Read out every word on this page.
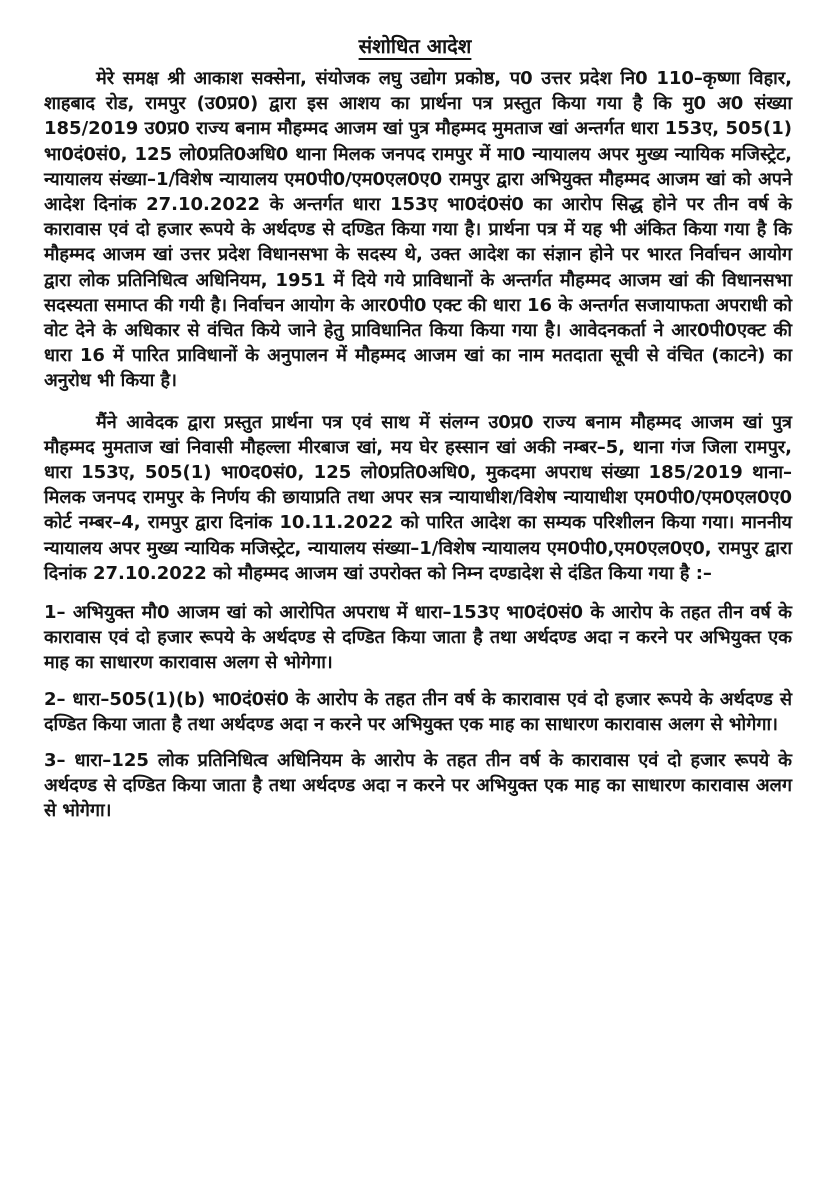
संशोधित आदेश

मेरे समक्ष श्री आकाश सक्सेना, संयोजक लघु उद्योग प्रकोष्ठ, प0 उत्तर प्रदेश नि0 110–कृष्णा विहार, शाहबाद रोड, रामपुर (उ0प्र0) द्वारा इस आशय का प्रार्थना पत्र प्रस्तुत किया गया है कि मु0 अ0 संख्या 185/2019 उ0प्र0 राज्य बनाम मौहम्मद आजम खां पुत्र मौहम्मद मुमताज खां अन्तर्गत धारा 153ए, 505(1) भा0दं0सं0, 125 लो0प्रति0अधि0 थाना मिलक जनपद रामपुर में मा0 न्यायालय अपर मुख्य न्यायिक मजिस्ट्रेट, न्यायालय संख्या–1/विशेष न्यायालय एम0पी0/एम0एल0ए0 रामपुर द्वारा अभियुक्त मौहम्मद आजम खां को अपने आदेश दिनांक 27.10.2022 के अन्तर्गत धारा 153ए भा0दं0सं0 का आरोप सिद्ध होने पर तीन वर्ष के कारावास एवं दो हजार रूपये के अर्थदण्ड से दण्डित किया गया है। प्रार्थना पत्र में यह भी अंकित किया गया है कि मौहम्मद आजम खां उत्तर प्रदेश विधानसभा के सदस्य थे, उक्त आदेश का संज्ञान होने पर भारत निर्वाचन आयोग द्वारा लोक प्रतिनिधित्व अधिनियम, 1951 में दिये गये प्राविधानों के अन्तर्गत मौहम्मद आजम खां की विधानसभा सदस्यता समाप्त की गयी है। निर्वाचन आयोग के आर0पी0 एक्ट की धारा 16 के अन्तर्गत सजायाफता अपराधी को वोट देने के अधिकार से वंचित किये जाने हेतु प्राविधानित किया किया गया है। आवेदनकर्ता ने आर0पी0एक्ट की धारा 16 में पारित प्राविधानों के अनुपालन में मौहम्मद आजम खां का नाम मतदाता सूची से वंचित (काटने) का अनुरोध भी किया है।

मैंने आवेदक द्वारा प्रस्तुत प्रार्थना पत्र एवं साथ में संलग्न उ0प्र0 राज्य बनाम मौहम्मद आजम खां पुत्र मौहम्मद मुमताज खां निवासी मौहल्ला मीरबाज खां, मय घेर हस्सान खां अकी नम्बर–5, थाना गंज जिला रामपुर, धारा 153ए, 505(1) भा0द0सं0, 125 लो0प्रति0अधि0, मुकदमा अपराध संख्या 185/2019 थाना–मिलक जनपद रामपुर के निर्णय की छायाप्रति तथा अपर सत्र न्यायाधीश/विशेष न्यायाधीश एम0पी0/एम0एल0ए0 कोर्ट नम्बर–4, रामपुर द्वारा दिनांक 10.11.2022 को पारित आदेश का सम्यक परिशीलन किया गया। माननीय न्यायालय अपर मुख्य न्यायिक मजिस्ट्रेट, न्यायालय संख्या–1/विशेष न्यायालय एम0पी0,एम0एल0ए0, रामपुर द्वारा दिनांक 27.10.2022 को मौहम्मद आजम खां उपरोक्त को निम्न दण्डादेश से दंडित किया गया है :–

1– अभियुक्त मौ0 आजम खां को आरोपित अपराध में धारा–153ए भा0दं0सं0 के आरोप के तहत तीन वर्ष के कारावास एवं दो हजार रूपये के अर्थदण्ड से दण्डित किया जाता है तथा अर्थदण्ड अदा न करने पर अभियुक्त एक माह का साधारण कारावास अलग से भोगेगा।

2– धारा–505(1)(b) भा0दं0सं0 के आरोप के तहत तीन वर्ष के कारावास एवं दो हजार रूपये के अर्थदण्ड से दण्डित किया जाता है तथा अर्थदण्ड अदा न करने पर अभियुक्त एक माह का साधारण कारावास अलग से भोगेगा।

3– धारा–125 लोक प्रतिनिधित्व अधिनियम के आरोप के तहत तीन वर्ष के कारावास एवं दो हजार रूपये के अर्थदण्ड से दण्डित किया जाता है तथा अर्थदण्ड अदा न करने पर अभियुक्त एक माह का साधारण कारावास अलग से भोगेगा।
